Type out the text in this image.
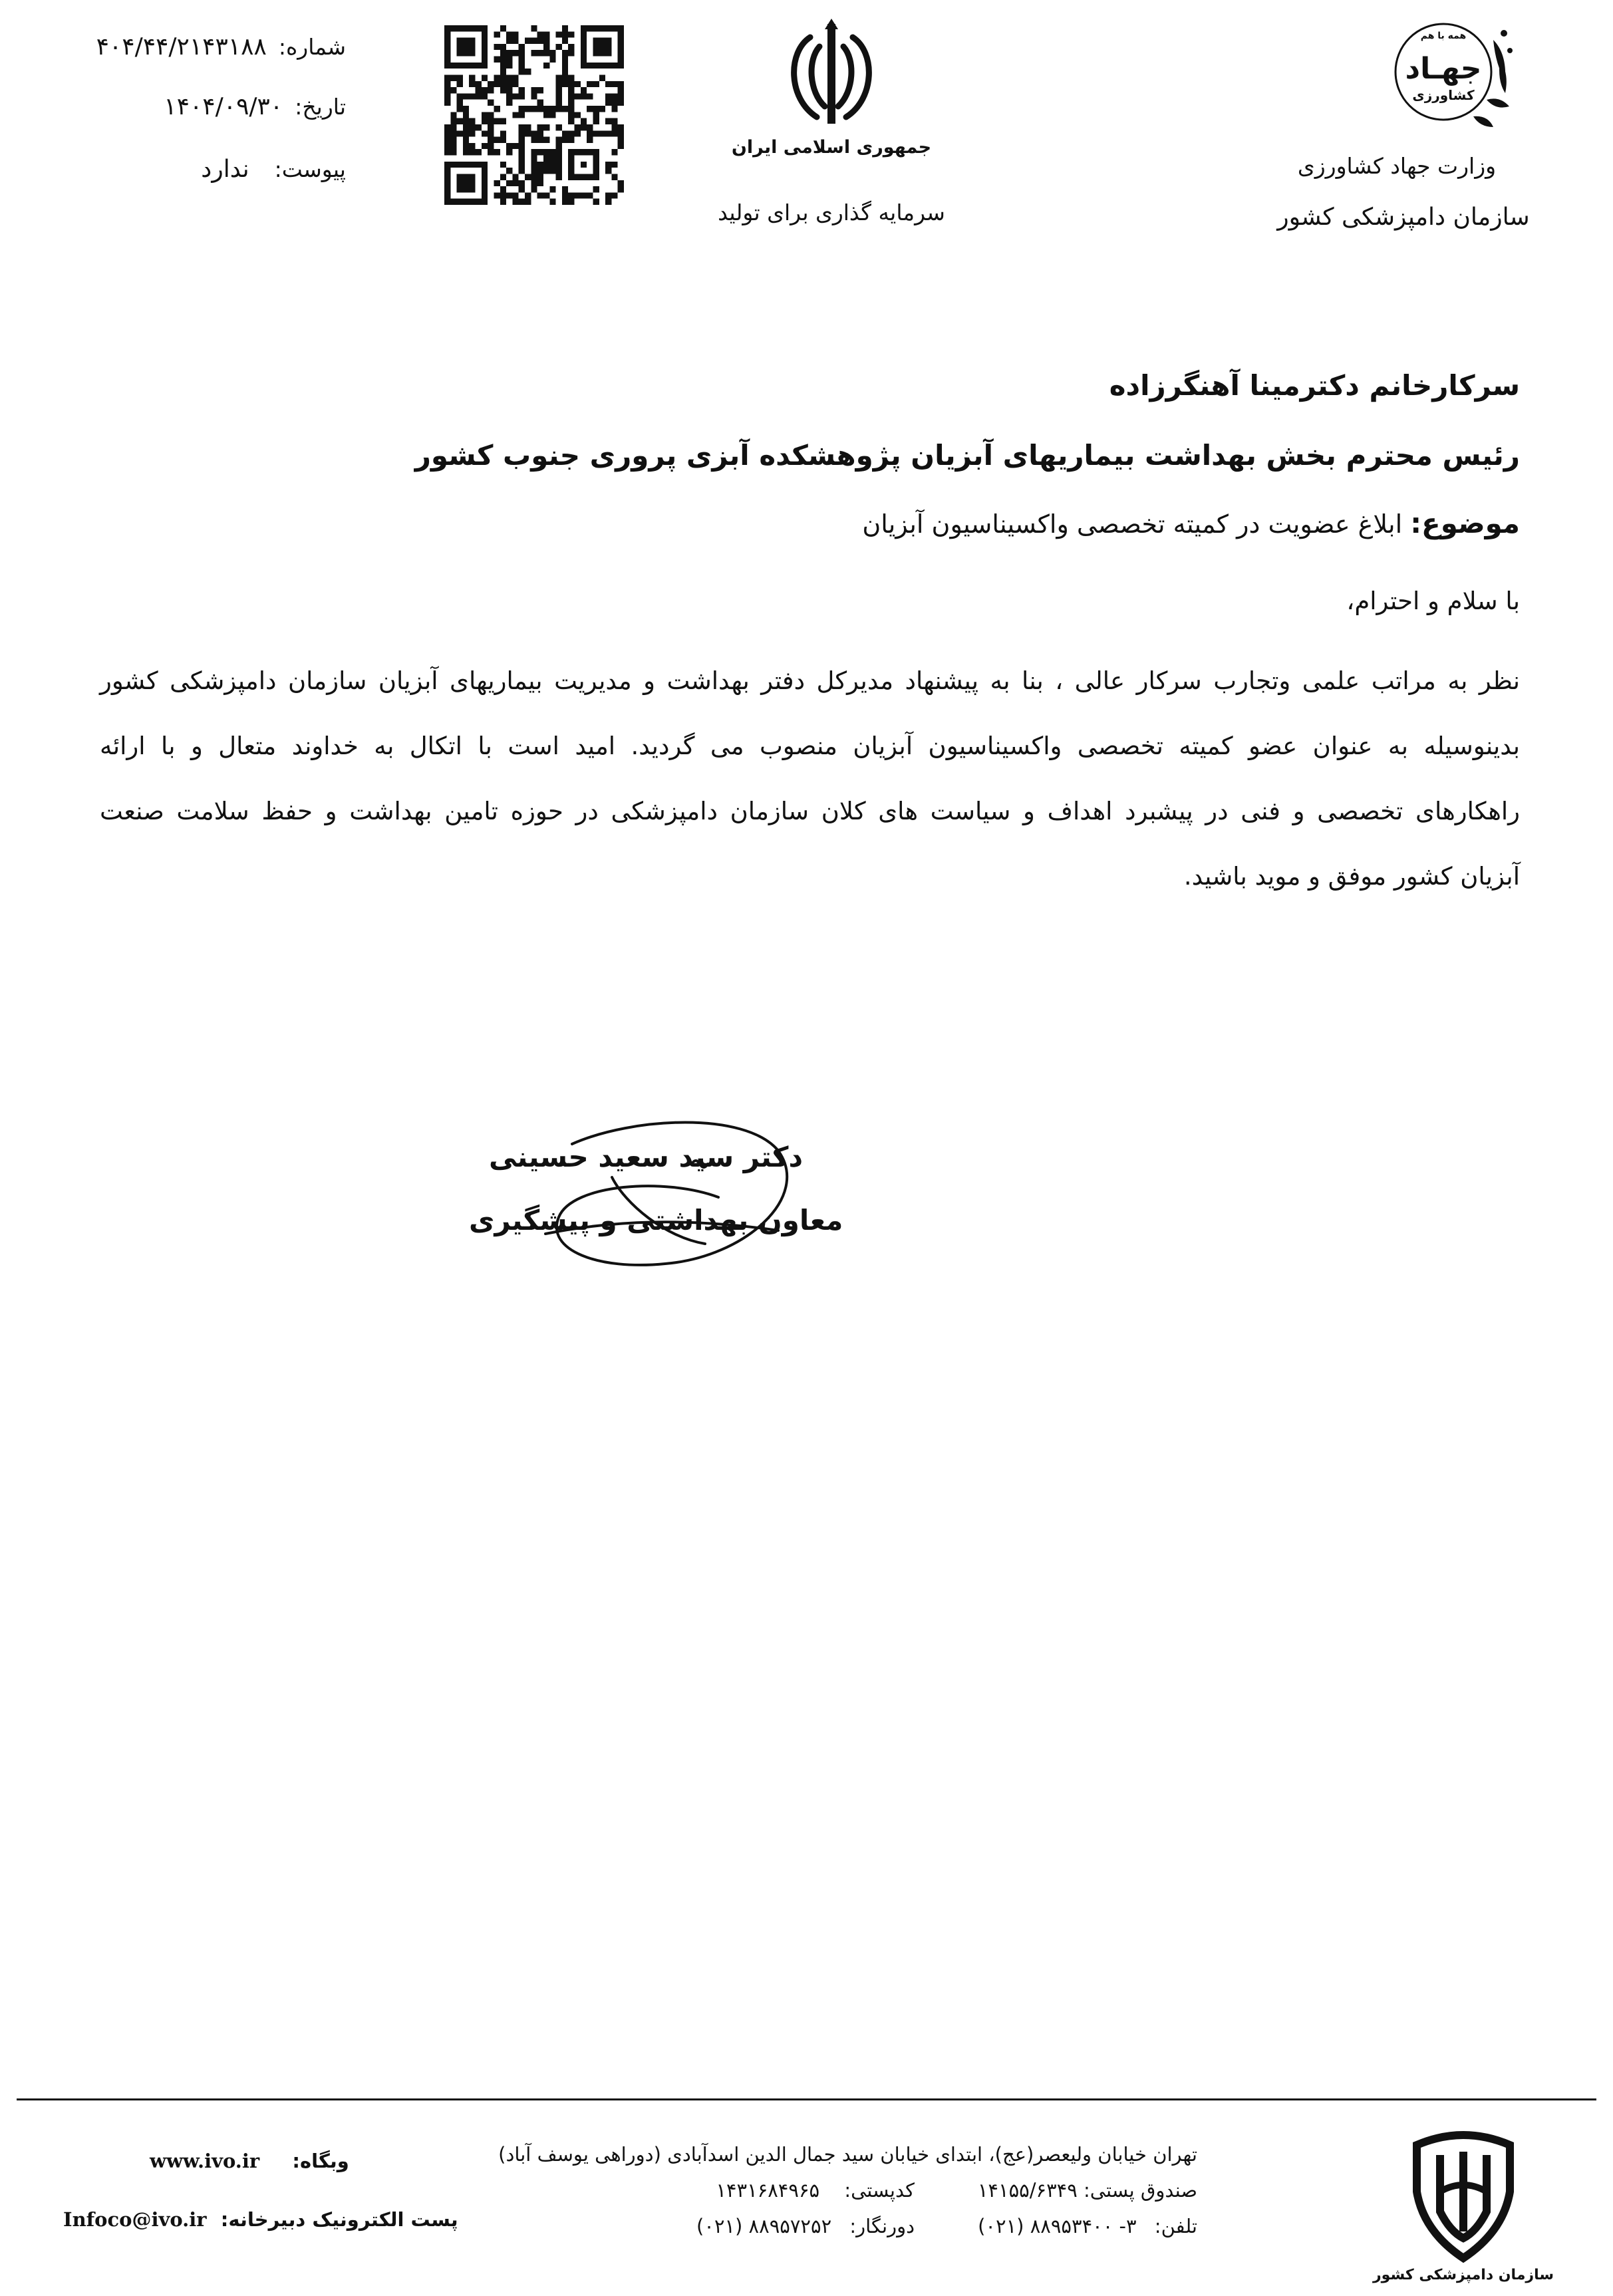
شماره:
۴۰۴/۴۴/۲۱۴۳۱۸۸
تاریخ:
۱۴۰۴/۰۹/۳۰
پیوست:
ندارد
جمهوری اسلامی ایران
سرمایه گذاری برای تولید
همه با هم
جهـاد
کشاورزی
وزارت جهاد کشاورزی
سازمان دامپزشکی کشور
سرکارخانم دکترمینا آهنگرزاده
رئیس محترم بخش بهداشت بیماریهای آبزیان پژوهشکده آبزی پروری جنوب کشور
موضوع: ابلاغ عضویت در کمیته تخصصی واکسیناسیون آبزیان
با سلام و احترام،
نظر به مراتب علمی وتجارب سرکار عالی ، بنا به پیشنهاد مدیرکل دفتر بهداشت و مدیریت بیماریهای آبزیان سازمان دامپزشکی کشور
بدینوسیله به عنوان عضو کمیته تخصصی واکسیناسیون آبزیان منصوب می گردید. امید است با اتکال به خداوند متعال و با ارائه
راهکارهای تخصصی و فنی در پیشبرد اهداف و سیاست های کلان سازمان دامپزشکی در حوزه تامین بهداشت و حفظ سلامت صنعت
آبزیان کشور موفق و موید باشید.
دکتر سید سعید حسینی
معاون بهداشتی و پیشگیری
سازمان دامپزشکی کشور
تهران خیابان ولیعصر(عج)، ابتدای خیابان سید جمال الدین اسدآبادی (دوراهی یوسف آباد)
صندوق پستی: ۱۴۱۵۵/۶۳۴۹
کدپستی: ۱۴۳۱۶۸۴۹۶۵
تلفن: ۳- ۸۸۹۵۳۴۰۰ (۰۲۱)
دورنگار: ۸۸۹۵۷۲۵۲ (۰۲۱)
وبگاه: www.ivo.ir
پست الکترونیک دبیرخانه: Infoco@ivo.ir
